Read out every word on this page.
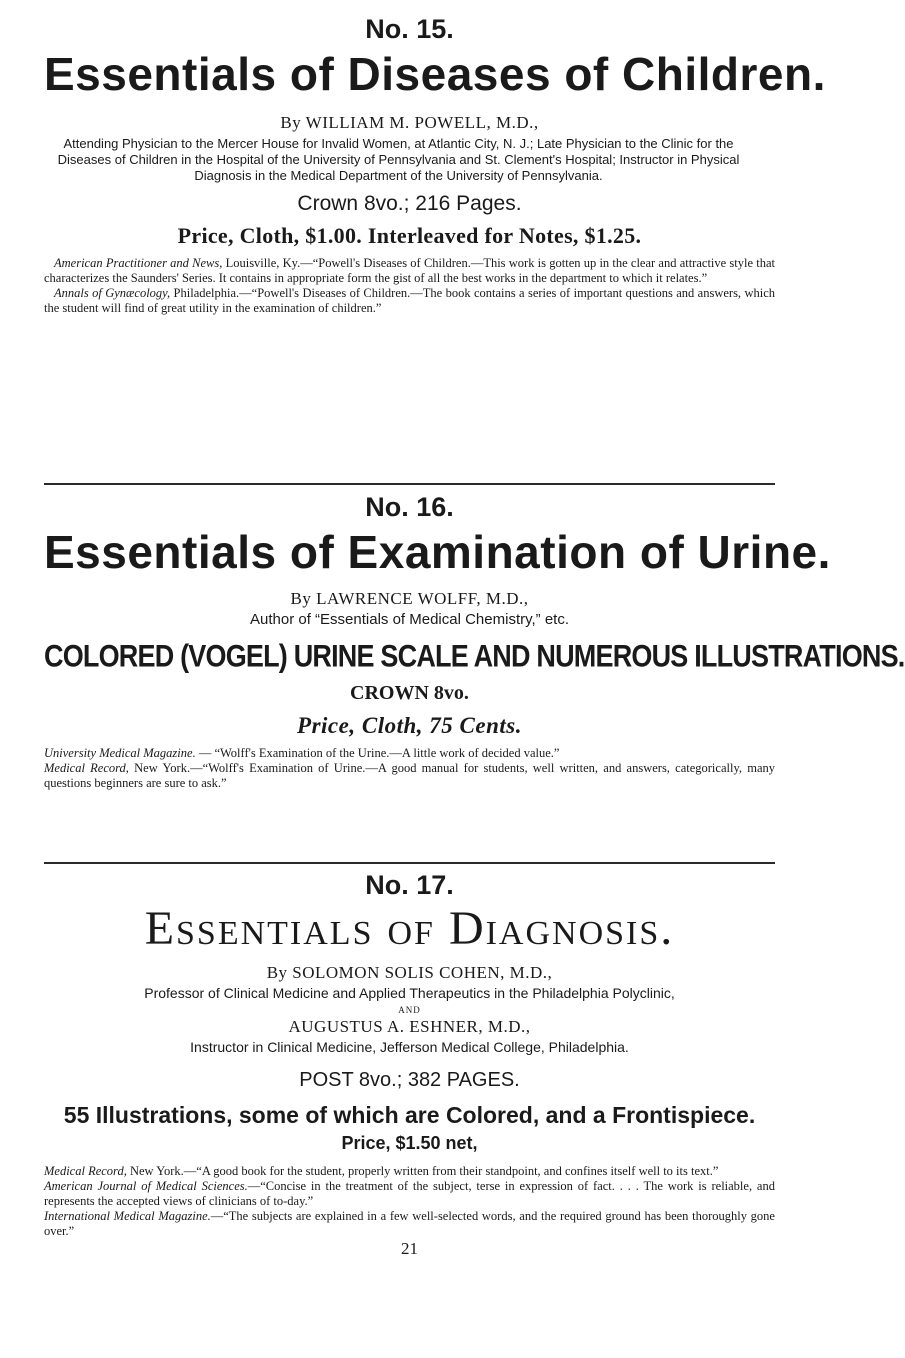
No. 15.
Essentials of Diseases of Children.
By WILLIAM M. POWELL, M.D.,
Attending Physician to the Mercer House for Invalid Women, at Atlantic City, N. J.; Late Physician to the Clinic for the Diseases of Children in the Hospital of the University of Pennsylvania and St. Clement's Hospital; Instructor in Physical Diagnosis in the Medical Department of the University of Pennsylvania.
Crown 8vo.; 216 Pages.
Price, Cloth, $1.00. Interleaved for Notes, $1.25.

American Practitioner and News, Louisville, Ky.—“Powell's Diseases of Children.—This work is gotten up in the clear and attractive style that characterizes the Saunders' Series. It contains in appropriate form the gist of all the best works in the department to which it relates.”

Annals of Gynæcology, Philadelphia.—“Powell's Diseases of Children.—The book contains a series of important questions and answers, which the student will find of great utility in the examination of children.”

No. 16.
Essentials of Examination of Urine.
By LAWRENCE WOLFF, M.D.,
Author of “Essentials of Medical Chemistry,” etc.
COLORED (VOGEL) URINE SCALE AND NUMEROUS ILLUSTRATIONS.
CROWN 8vo.
Price, Cloth, 75 Cents.

University Medical Magazine. — “Wolff's Examination of the Urine.—A little work of decided value.”

Medical Record, New York.—“Wolff's Examination of Urine.—A good manual for students, well written, and answers, categorically, many questions beginners are sure to ask.”

No. 17.
Essentials of Diagnosis.
By SOLOMON SOLIS COHEN, M.D.,
Professor of Clinical Medicine and Applied Therapeutics in the Philadelphia Polyclinic,
AND
AUGUSTUS A. ESHNER, M.D.,
Instructor in Clinical Medicine, Jefferson Medical College, Philadelphia.
POST 8vo.; 382 PAGES.
55 Illustrations, some of which are Colored, and a Frontispiece.
Price, $1.50 net,

Medical Record, New York.—“A good book for the student, properly written from their standpoint, and confines itself well to its text.”

American Journal of Medical Sciences.—“Concise in the treatment of the subject, terse in expression of fact. . . . The work is reliable, and represents the accepted views of clinicians of to-day.”

International Medical Magazine.—“The subjects are explained in a few well-selected words, and the required ground has been thoroughly gone over.”

21
